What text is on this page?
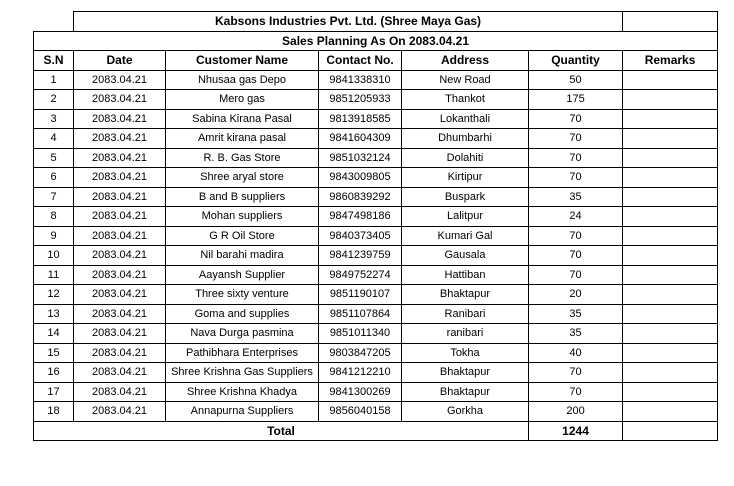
	Kabsons Industries Pvt. Ltd. (Shree Maya Gas)					
Sales Planning As On 2083.04.21						
S.N	Date	Customer Name	Contact No.	Address	Quantity	Remarks
1	2083.04.21	Nhusaa gas Depo	9841338310	New Road	50	
2	2083.04.21	Mero gas	9851205933	Thankot	175	
3	2083.04.21	Sabina Kirana Pasal	9813918585	Lokanthali	70	
4	2083.04.21	Amrit kirana pasal	9841604309	Dhumbarhi	70	
5	2083.04.21	R. B. Gas Store	9851032124	Dolahiti	70	
6	2083.04.21	Shree aryal store	9843009805	Kirtipur	70	
7	2083.04.21	B and B suppliers	9860839292	Buspark	35	
8	2083.04.21	Mohan suppliers	9847498186	Lalitpur	24	
9	2083.04.21	G R Oil Store	9840373405	Kumari Gal	70	
10	2083.04.21	Nil barahi madira	9841239759	Gausala	70	
11	2083.04.21	Aayansh Supplier	9849752274	Hattiban	70	
12	2083.04.21	Three sixty venture	9851190107	Bhaktapur	20	
13	2083.04.21	Goma and supplies	9851107864	Ranibari	35	
14	2083.04.21	Nava Durga pasmina	9851011340	ranibari	35	
15	2083.04.21	Pathibhara Enterprises	9803847205	Tokha	40	
16	2083.04.21	Shree Krishna Gas Suppliers	9841212210	Bhaktapur	70	
17	2083.04.21	Shree Krishna Khadya	9841300269	Bhaktapur	70	
18	2083.04.21	Annapurna Suppliers	9856040158	Gorkha	200	
Total					1244	
